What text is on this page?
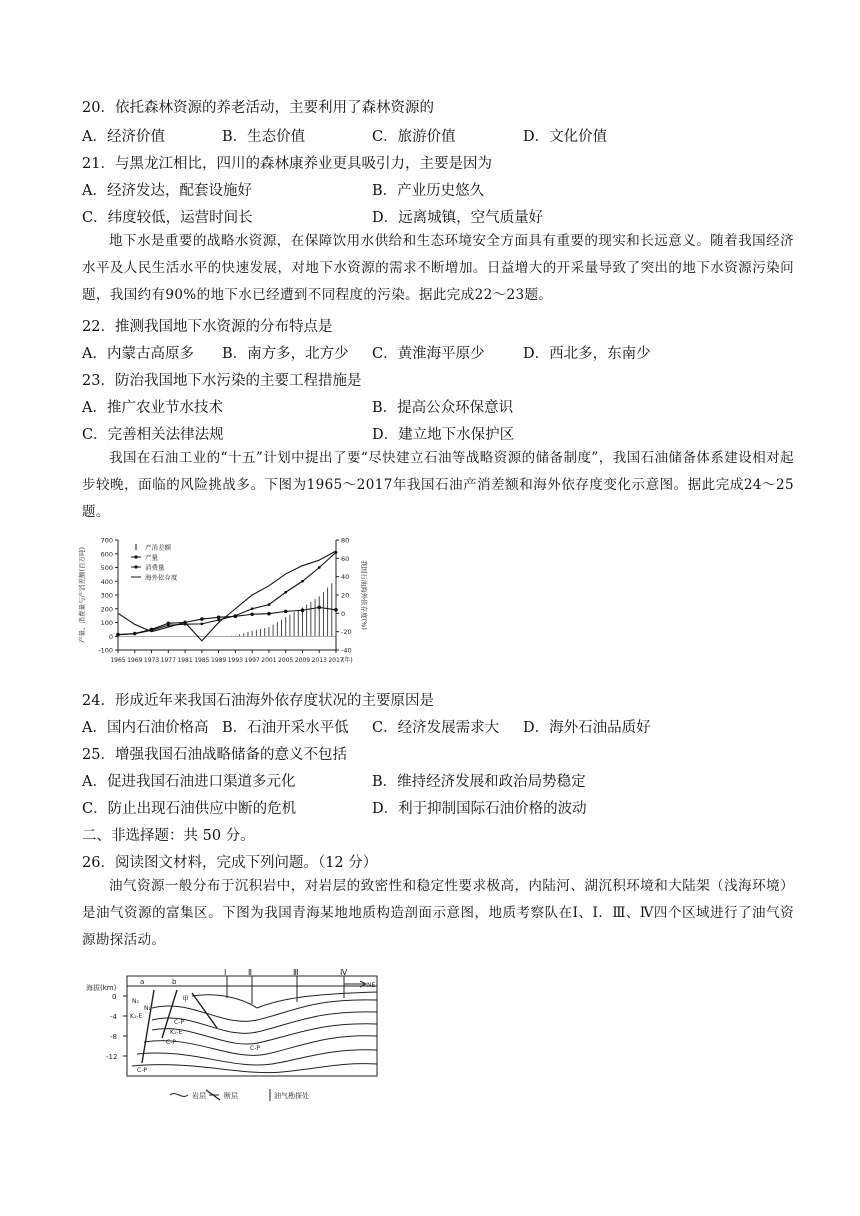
20．依托森林资源的养老活动，主要利用了森林资源的
A．经济价值	B．生态价值	C．旅游价值	D．文化价值
21．与黑龙江相比，四川的森林康养业更具吸引力，主要是因为
A．经济发达，配套设施好	B．产业历史悠久
C．纬度较低，运营时间长	D．远离城镇，空气质量好
地下水是重要的战略水资源，在保障饮用水供给和生态环境安全方面具有重要的现实和长远意义。随着我国经济水平及人民生活水平的快速发展，对地下水资源的需求不断增加。日益增大的开采量导致了突出的地下水资源污染问题，我国约有90%的地下水已经遭到不同程度的污染。据此完成22～23题。
22．推测我国地下水资源的分布特点是
A．内蒙古高原多 B．南方多，北方少 C．黄淮海平原少	D．西北多，东南少
23．防治我国地下水污染的主要工程措施是
A．推广农业节水技术	B．提高公众环保意识
C．完善相关法律法规	D．建立地下水保护区
我国在石油工业的“十五”计划中提出了要“尽快建立石油等战略资源的储备制度”，我国石油储备体系建设相对起步较晚，面临的风险挑战多。下图为1965～2017年我国石油产消差额和海外依存度变化示意图。据此完成24～25题。
700
600
500
400
300
200
100
0
-100
80
60
40
20
0
-20
-40
1965 1969 1973 1977 1981 1985 1989 1993 1997 2001 2005 2009 2013 2017
(年)
产量、消费量与产消差额(百万吨)	我国石油海外依存度(%)
产消差额
产量
消费量
海外依存度
24．形成近年来我国石油海外依存度状况的主要原因是
A．国内石油价格高 B．石油开采水平低 C．经济发展需求大 D．海外石油品质好
25．增强我国石油战略储备的意义不包括
A．促进我国石油进口渠道多元化	B．维持经济发展和政治局势稳定
C．防止出现石油供应中断的危机	D．利于抑制国际石油价格的波动
二、非选择题：共 50 分。
26．阅读图文材料，完成下列问题。（12 分）
油气资源一般分布于沉积岩中，对岩层的致密性和稳定性要求极高，内陆河、湖沉积环境和大陆架（浅海环境）是油气资源的富集区。下图为我国青海某地地质构造剖面示意图，地质考察队在Ⅰ、Ⅰ．Ⅲ、Ⅳ四个区域进行了油气资源勘探活动。
海拔(km)
0
-4
-8
-12
a	b
Ⅰ	Ⅱ	Ⅲ	Ⅳ
NE
甲
N₂
N₁
K₁-E
C-P
K₁-E
C-P
C-P
C-P
岩层	断层	油气勘探处
